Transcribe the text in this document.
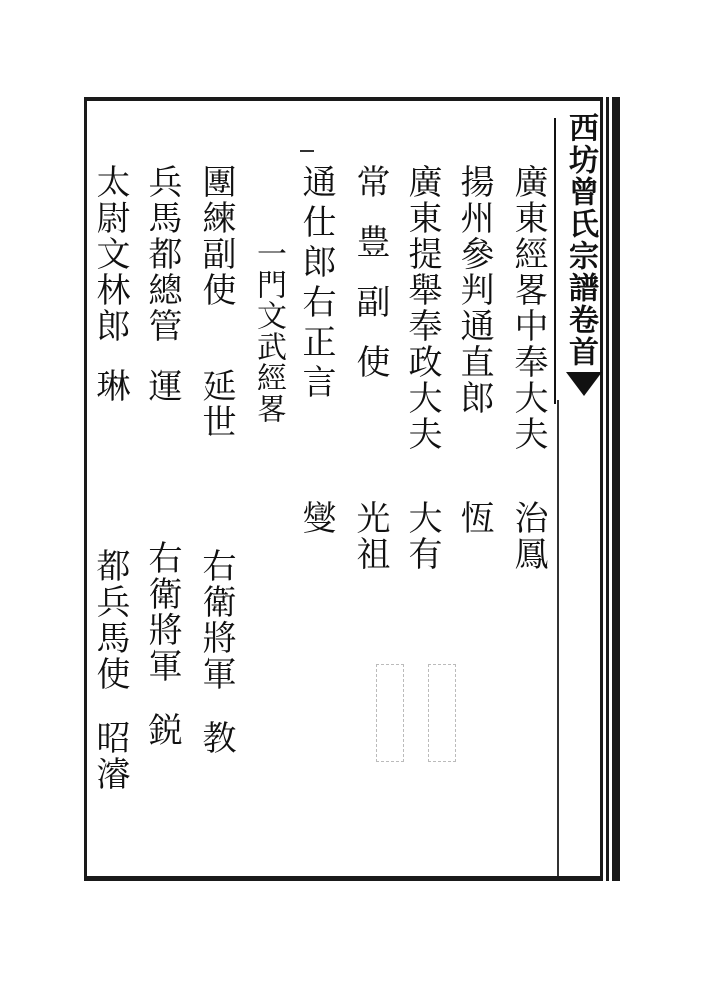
西坊曾氏宗譜卷首
廣東經畧中奉大夫
治鳳
揚州參判通直郎
恆
廣東提舉奉政大夫
大有
常豊副使
光祖
通仕郎右正言
燮
一門文武經畧
團練副使
延世
兵馬都總管
運
太尉文林郎
琳
右衛將軍
教
右衛將軍
鋭
都兵馬使
昭濬
